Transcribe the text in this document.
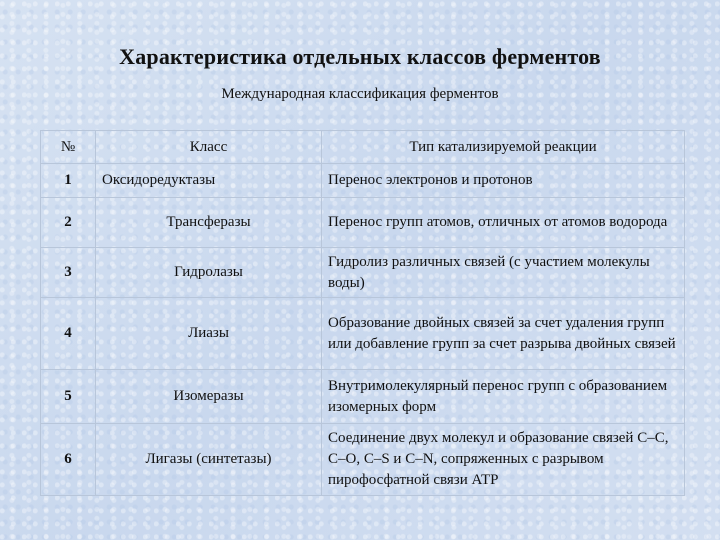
Характеристика отдельных классов ферментов
Международная классификация ферментов
№	Класс	Тип катализируемой реакции
1	Оксидоредуктазы	Перенос электронов и протонов
2	Трансферазы	Перенос групп атомов, отличных от атомов водорода
3	Гидролазы	Гидролиз различных связей (с участием молекулы воды)
4	Лиазы	Образование двойных связей за счет удаления групп или добавление групп за счет разрыва двойных связей
5	Изомеразы	Внутримолекулярный перенос групп с образованием изомерных форм
6	Лигазы (синтетазы)	Соединение двух молекул и образование связей С–С, С–О, С–S и С–N, сопряженных с разрывом пирофосфатной связи АТР
